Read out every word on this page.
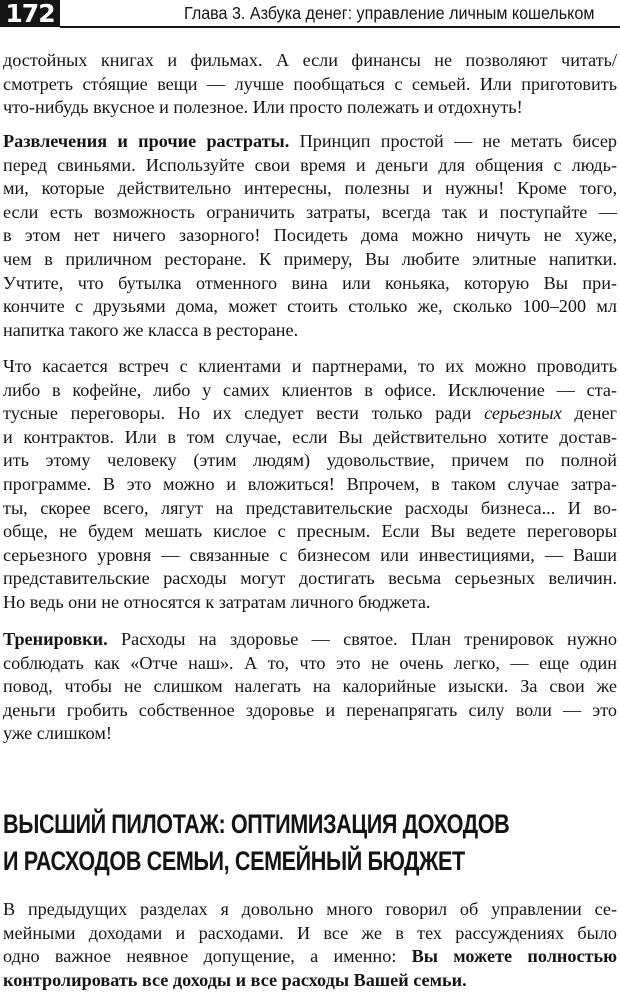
172	Глава 3. Азбука денег: управление личным кошельком
достойных книгах и фильмах. А если финансы не позволяют читать/
смотреть стóящие вещи — лучше пообщаться с семьей. Или приготовить
что-нибудь вкусное и полезное. Или просто полежать и отдохнуть!
Развлечения и прочие растраты. Принцип простой — не метать бисер
перед свиньями. Используйте свои время и деньги для общения с людь-
ми, которые действительно интересны, полезны и нужны! Кроме того,
если есть возможность ограничить затраты, всегда так и поступайте —
в этом нет ничего зазорного! Посидеть дома можно ничуть не хуже,
чем в приличном ресторане. К примеру, Вы любите элитные напитки.
Учтите, что бутылка отменного вина или коньяка, которую Вы при-
кончите с друзьями дома, может стоить столько же, сколько 100–200 мл
напитка такого же класса в ресторане.
Что касается встреч с клиентами и партнерами, то их можно проводить
либо в кофейне, либо у самих клиентов в офисе. Исключение — ста-
тусные переговоры. Но их следует вести только ради серьезных денег
и контрактов. Или в том случае, если Вы действительно хотите достав-
ить этому человеку (этим людям) удовольствие, причем по полной
программе. В это можно и вложиться! Впрочем, в таком случае затра-
ты, скорее всего, лягут на представительские расходы бизнеса... И во-
обще, не будем мешать кислое с пресным. Если Вы ведете переговоры
серьезного уровня — связанные с бизнесом или инвестициями, — Ваши
представительские расходы могут достигать весьма серьезных величин.
Но ведь они не относятся к затратам личного бюджета.
Тренировки. Расходы на здоровье — святое. План тренировок нужно
соблюдать как «Отче наш». А то, что это не очень легко, — еще один
повод, чтобы не слишком налегать на калорийные изыски. За свои же
деньги гробить собственное здоровье и перенапрягать силу воли — это
уже слишком!
ВЫСШИЙ ПИЛОТАЖ: ОПТИМИЗАЦИЯ ДОХОДОВ
И РАСХОДОВ СЕМЬИ, СЕМЕЙНЫЙ БЮДЖЕТ
В предыдущих разделах я довольно много говорил об управлении се-
мейными доходами и расходами. И все же в тех рассуждениях было
одно важное неявное допущение, а именно: Вы можете полностью
контролировать все доходы и все расходы Вашей семьи.
